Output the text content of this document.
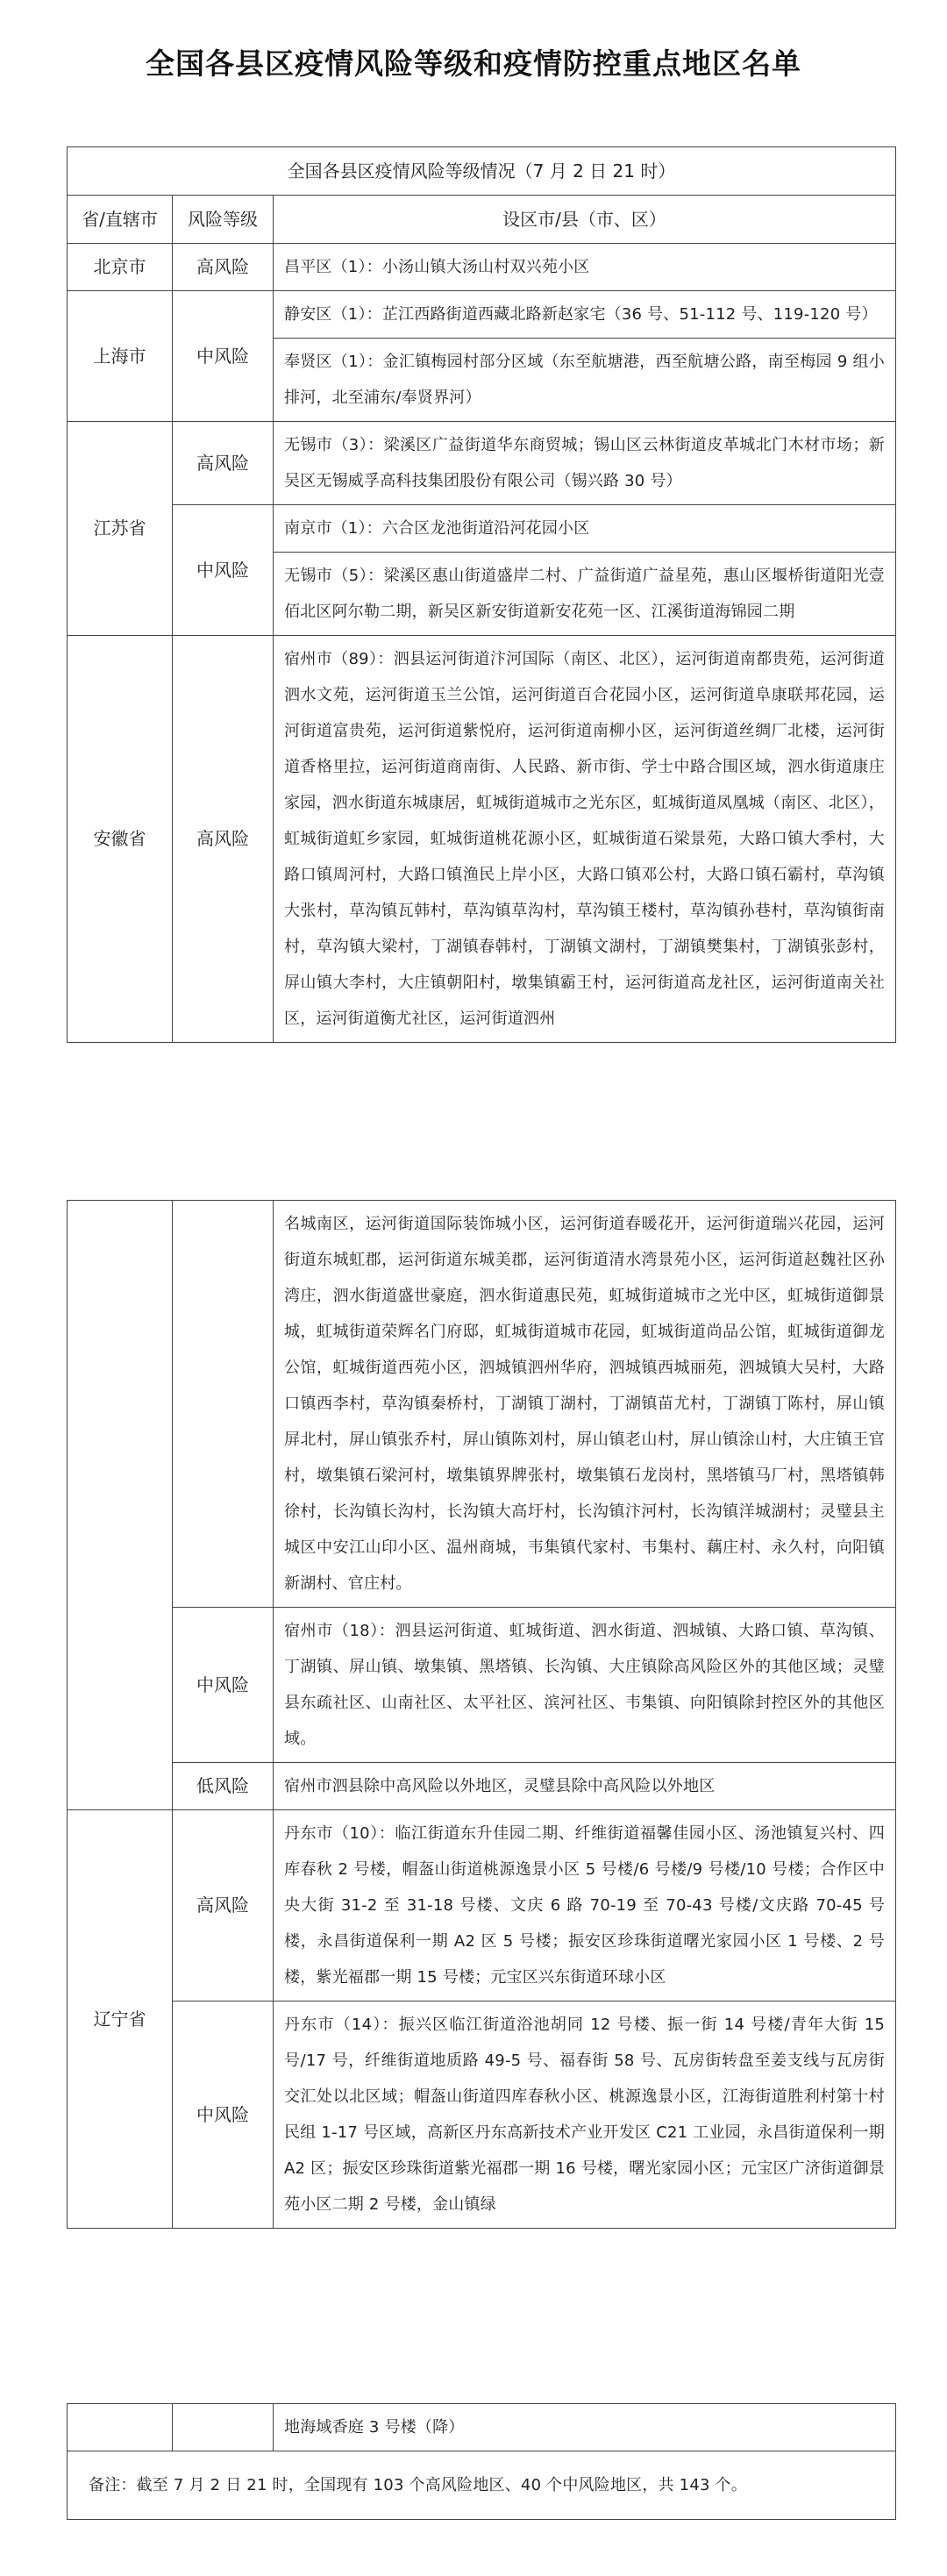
全国各县区疫情风险等级和疫情防控重点地区名单
全国各县区疫情风险等级情况（7 月 2 日 21 时）		
省/直辖市	风险等级	设区市/县（市、区）
北京市	高风险	昌平区（1）：小汤山镇大汤山村双兴苑小区
上海市	中风险	静安区（1）：芷江西路街道西藏北路新赵家宅（36 号、51-112 号、119-120 号）
		奉贤区（1）：金汇镇梅园村部分区域（东至航塘港，西至航塘公路，南至梅园 9 组小排河，北至浦东/奉贤界河）
江苏省	高风险	无锡市（3）：梁溪区广益街道华东商贸城；锡山区云林街道皮革城北门木材市场；新吴区无锡威孚高科技集团股份有限公司（锡兴路 30 号）
	中风险	南京市（1）：六合区龙池街道沿河花园小区
		无锡市（5）：梁溪区惠山街道盛岸二村、广益街道广益星苑，惠山区堰桥街道阳光壹佰北区阿尔勒二期，新吴区新安街道新安花苑一区、江溪街道海锦园二期
安徽省	高风险	宿州市（89）：泗县运河街道汴河国际（南区、北区），运河街道南都贵苑，运河街道泗水文苑，运河街道玉兰公馆，运河街道百合花园小区，运河街道阜康联邦花园，运河街道富贵苑，运河街道紫悦府，运河街道南柳小区，运河街道丝绸厂北楼，运河街道香格里拉，运河街道商南街、人民路、新市街、学士中路合围区域，泗水街道康庄家园，泗水街道东城康居，虹城街道城市之光东区，虹城街道凤凰城（南区、北区），虹城街道虹乡家园，虹城街道桃花源小区，虹城街道石梁景苑，大路口镇大季村，大路口镇周河村，大路口镇渔民上岸小区，大路口镇邓公村，大路口镇石霸村，草沟镇大张村，草沟镇瓦韩村，草沟镇草沟村，草沟镇王楼村，草沟镇孙巷村，草沟镇街南村，草沟镇大梁村，丁湖镇春韩村，丁湖镇文湖村，丁湖镇樊集村，丁湖镇张彭村，屏山镇大李村，大庄镇朝阳村，墩集镇霸王村，运河街道高龙社区，运河街道南关社区，运河街道衡尤社区，运河街道泗州
		名城南区，运河街道国际装饰城小区，运河街道春暖花开，运河街道瑞兴花园，运河街道东城虹郡，运河街道东城美郡，运河街道清水湾景苑小区，运河街道赵魏社区孙湾庄，泗水街道盛世豪庭，泗水街道惠民苑，虹城街道城市之光中区，虹城街道御景城，虹城街道荣辉名门府邸，虹城街道城市花园，虹城街道尚品公馆，虹城街道御龙公馆，虹城街道西苑小区，泗城镇泗州华府，泗城镇西城丽苑，泗城镇大吴村，大路口镇西李村，草沟镇秦桥村，丁湖镇丁湖村，丁湖镇苗尤村，丁湖镇丁陈村，屏山镇屏北村，屏山镇张乔村，屏山镇陈刘村，屏山镇老山村，屏山镇涂山村，大庄镇王官村，墩集镇石梁河村，墩集镇界牌张村，墩集镇石龙岗村，黑塔镇马厂村，黑塔镇韩徐村，长沟镇长沟村，长沟镇大高圩村，长沟镇汴河村，长沟镇洋城湖村；灵璧县主城区中安江山印小区、温州商城，韦集镇代家村、韦集村、藕庄村、永久村，向阳镇新湖村、官庄村。
	中风险	宿州市（18）：泗县运河街道、虹城街道、泗水街道、泗城镇、大路口镇、草沟镇、丁湖镇、屏山镇、墩集镇、黑塔镇、长沟镇、大庄镇除高风险区外的其他区域；灵璧县东疏社区、山南社区、太平社区、滨河社区、韦集镇、向阳镇除封控区外的其他区域。
	低风险	宿州市泗县除中高风险以外地区，灵璧县除中高风险以外地区
辽宁省	高风险	丹东市（10）：临江街道东升佳园二期、纤维街道福馨佳园小区、汤池镇复兴村、四库春秋 2 号楼，帽盔山街道桃源逸景小区 5 号楼/6 号楼/9 号楼/10 号楼；合作区中央大街 31-2 至 31-18 号楼、文庆 6 路 70-19 至 70-43 号楼/文庆路 70-45 号楼，永昌街道保利一期 A2 区 5 号楼；振安区珍珠街道曙光家园小区 1 号楼、2 号楼，紫光福郡一期 15 号楼；元宝区兴东街道环球小区
	中风险	丹东市（14）：振兴区临江街道浴池胡同 12 号楼、振一街 14 号楼/青年大街 15 号/17 号，纤维街道地质路 49-5 号、福春街 58 号、瓦房街转盘至姜支线与瓦房街交汇处以北区域；帽盔山街道四库春秋小区、桃源逸景小区，江海街道胜利村第十村民组 1-17 号区域，高新区丹东高新技术产业开发区 C21 工业园，永昌街道保利一期 A2 区；振安区珍珠街道紫光福郡一期 16 号楼，曙光家园小区；元宝区广济街道御景苑小区二期 2 号楼，金山镇绿
		地海域香庭 3 号楼（降）
备注：截至 7 月 2 日 21 时，全国现有 103 个高风险地区、40 个中风险地区，共 143 个。
